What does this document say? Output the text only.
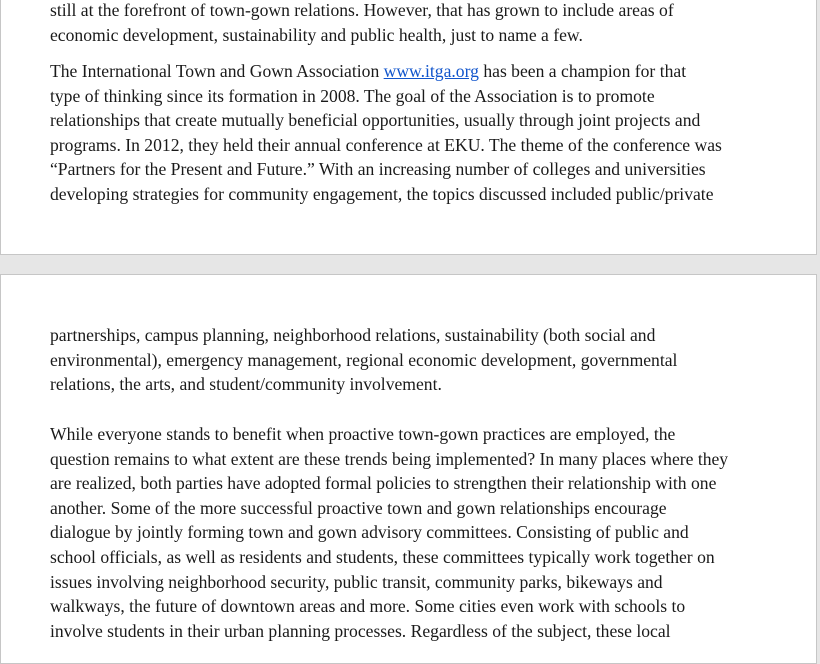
still at the forefront of town-gown relations. However, that has grown to include areas of
economic development, sustainability and public health, just to name a few.

The International Town and Gown Association www.itga.org has been a champion for that
type of thinking since its formation in 2008. The goal of the Association is to promote
relationships that create mutually beneficial opportunities, usually through joint projects and
programs. In 2012, they held their annual conference at EKU. The theme of the conference was
“Partners for the Present and Future.” With an increasing number of colleges and universities
developing strategies for community engagement, the topics discussed included public/private

partnerships, campus planning, neighborhood relations, sustainability (both social and
environmental), emergency management, regional economic development, governmental
relations, the arts, and student/community involvement.

While everyone stands to benefit when proactive town-gown practices are employed, the
question remains to what extent are these trends being implemented? In many places where they
are realized, both parties have adopted formal policies to strengthen their relationship with one
another. Some of the more successful proactive town and gown relationships encourage
dialogue by jointly forming town and gown advisory committees. Consisting of public and
school officials, as well as residents and students, these committees typically work together on
issues involving neighborhood security, public transit, community parks, bikeways and
walkways, the future of downtown areas and more. Some cities even work with schools to
involve students in their urban planning processes. Regardless of the subject, these local
